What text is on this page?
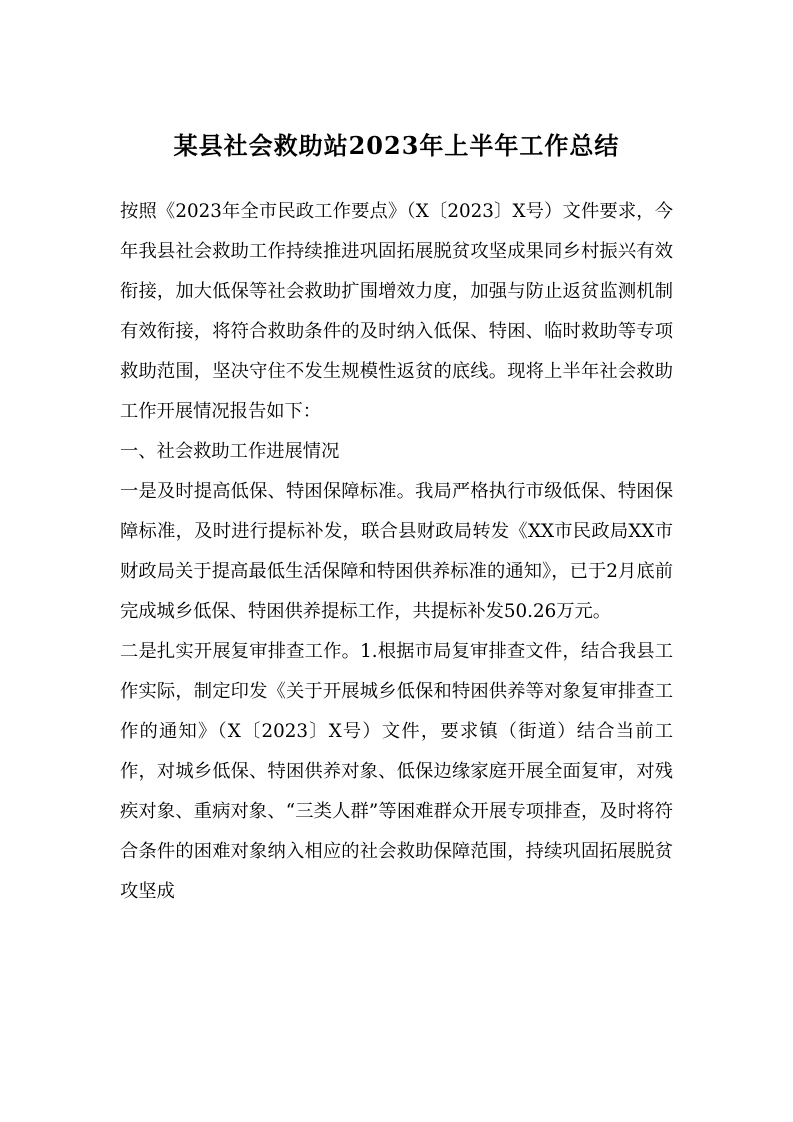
某县社会救助站2023年上半年工作总结

按照《2023年全市民政工作要点》（X〔2023〕X号）文件要求，今年我县社会救助工作持续推进巩固拓展脱贫攻坚成果同乡村振兴有效衔接，加大低保等社会救助扩围增效力度，加强与防止返贫监测机制有效衔接，将符合救助条件的及时纳入低保、特困、临时救助等专项救助范围，坚决守住不发生规模性返贫的底线。现将上半年社会救助工作开展情况报告如下：

一、社会救助工作进展情况

一是及时提高低保、特困保障标准。我局严格执行市级低保、特困保障标准，及时进行提标补发，联合县财政局转发《XX市民政局XX市财政局关于提高最低生活保障和特困供养标准的通知》，已于2月底前完成城乡低保、特困供养提标工作，共提标补发50.26万元。

二是扎实开展复审排查工作。1.根据市局复审排查文件，结合我县工作实际，制定印发《关于开展城乡低保和特困供养等对象复审排查工作的通知》（X〔2023〕X号）文件，要求镇（街道）结合当前工作，对城乡低保、特困供养对象、低保边缘家庭开展全面复审，对残疾对象、重病对象、“三类人群”等困难群众开展专项排查，及时将符合条件的困难对象纳入相应的社会救助保障范围，持续巩固拓展脱贫攻坚成
